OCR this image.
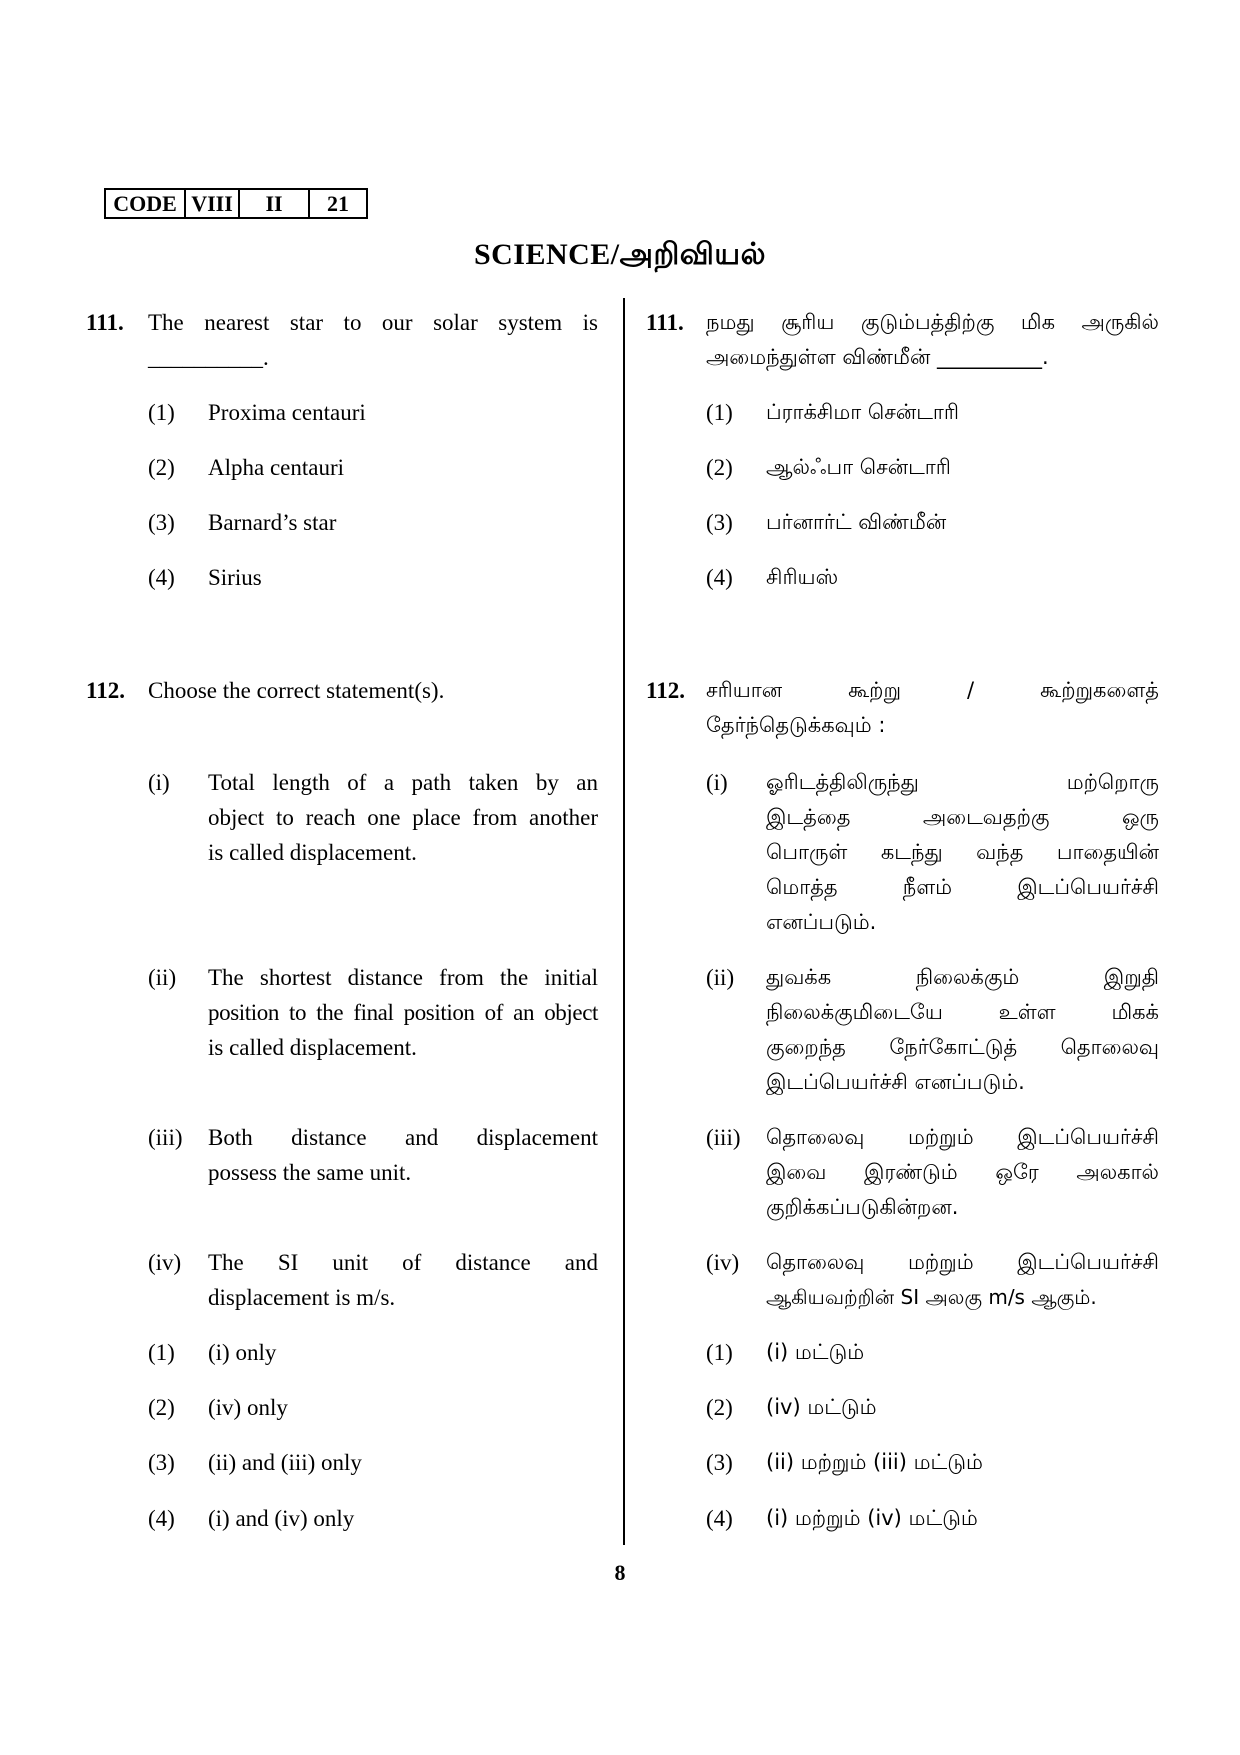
CODE VIII	II	21
SCIENCE/அறிவியல்
111. The nearest star to our solar system is
__________.
(1) Proxima centauri
(2) Alpha centauri
(3) Barnard’s star
(4) Sirius
112. Choose the correct statement(s).
(i) Total length of a path taken by an
object to reach one place from another
is called displacement.
(ii) The shortest distance from the initial
position to the final position of an object
is called displacement.
(iii) Both distance and displacement
possess the same unit.
(iv) The SI unit of distance and
displacement is m/s.
(1) (i) only
(2) (iv) only
(3) (ii) and (iii) only
(4) (i) and (iv) only
111. நமது சூரிய குடும்பத்திற்கு மிக அருகில்
அமைந்துள்ள விண்மீன் __________.
(1) ப்ராக்சிமா சென்டாரி
(2) ஆல்ஃபா சென்டாரி
(3) பர்னார்ட் விண்மீன்
(4) சிரியஸ்
112. சரியான கூற்று / கூற்றுகளைத்
தேர்ந்தெடுக்கவும் :
(i) ஓரிடத்திலிருந்து மற்றொரு
இடத்தை அடைவதற்கு ஒரு
பொருள் கடந்து வந்த பாதையின்
மொத்த நீளம் இடப்பெயர்ச்சி
எனப்படும்.
(ii) துவக்க நிலைக்கும் இறுதி
நிலைக்குமிடையே உள்ள மிகக்
குறைந்த நேர்கோட்டுத் தொலைவு
இடப்பெயர்ச்சி எனப்படும்.
(iii) தொலைவு மற்றும் இடப்பெயர்ச்சி
இவை இரண்டும் ஒரே அலகால்
குறிக்கப்படுகின்றன.
(iv) தொலைவு மற்றும் இடப்பெயர்ச்சி
ஆகியவற்றின் SI அலகு m/s ஆகும்.
(1) (i) மட்டும்
(2) (iv) மட்டும்
(3) (ii) மற்றும் (iii) மட்டும்
(4) (i) மற்றும் (iv) மட்டும்
8
